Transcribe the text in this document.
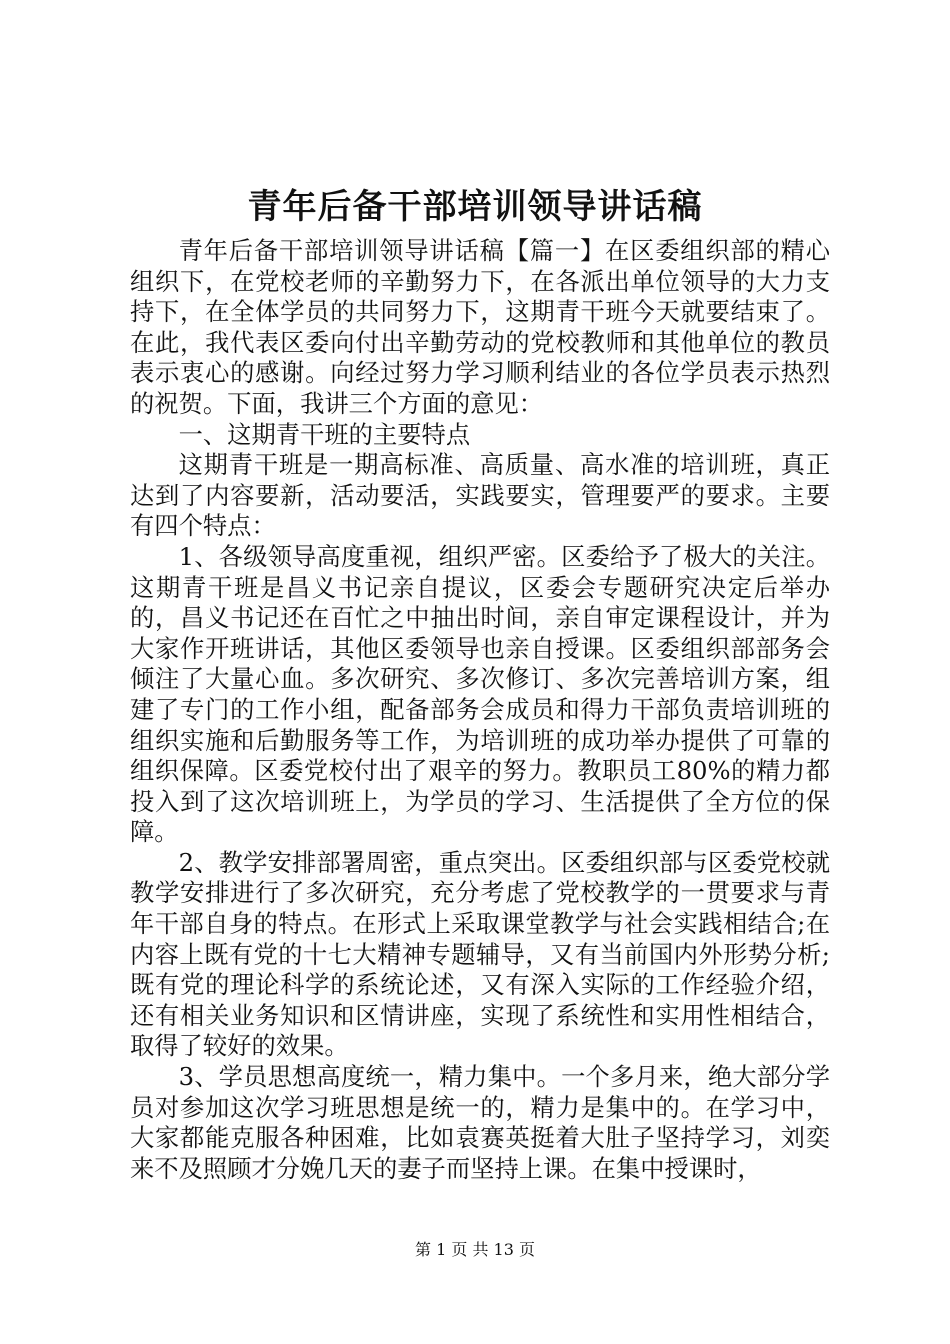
青年后备干部培训领导讲话稿

青年后备干部培训领导讲话稿【篇一】在区委组织部的精心组织下，在党校老师的辛勤努力下，在各派出单位领导的大力支持下，在全体学员的共同努力下，这期青干班今天就要结束了。在此，我代表区委向付出辛勤劳动的党校教师和其他单位的教员表示衷心的感谢。向经过努力学习顺利结业的各位学员表示热烈的祝贺。下面，我讲三个方面的意见：

一、这期青干班的主要特点

这期青干班是一期高标准、高质量、高水准的培训班，真正达到了内容要新，活动要活，实践要实，管理要严的要求。主要有四个特点：

1、各级领导高度重视，组织严密。区委给予了极大的关注。这期青干班是昌义书记亲自提议，区委会专题研究决定后举办的，昌义书记还在百忙之中抽出时间，亲自审定课程设计，并为大家作开班讲话，其他区委领导也亲自授课。区委组织部部务会倾注了大量心血。多次研究、多次修订、多次完善培训方案，组建了专门的工作小组，配备部务会成员和得力干部负责培训班的组织实施和后勤服务等工作，为培训班的成功举办提供了可靠的组织保障。区委党校付出了艰辛的努力。教职员工80%的精力都投入到了这次培训班上，为学员的学习、生活提供了全方位的保障。

2、教学安排部署周密，重点突出。区委组织部与区委党校就教学安排进行了多次研究，充分考虑了党校教学的一贯要求与青年干部自身的特点。在形式上采取课堂教学与社会实践相结合;在内容上既有党的十七大精神专题辅导，又有当前国内外形势分析;既有党的理论科学的系统论述，又有深入实际的工作经验介绍，还有相关业务知识和区情讲座，实现了系统性和实用性相结合，取得了较好的效果。

3、学员思想高度统一，精力集中。一个多月来，绝大部分学员对参加这次学习班思想是统一的，精力是集中的。在学习中，大家都能克服各种困难，比如袁赛英挺着大肚子坚持学习，刘奕来不及照顾才分娩几天的妻子而坚持上课。在集中授课时，

第 1 页 共 13 页
